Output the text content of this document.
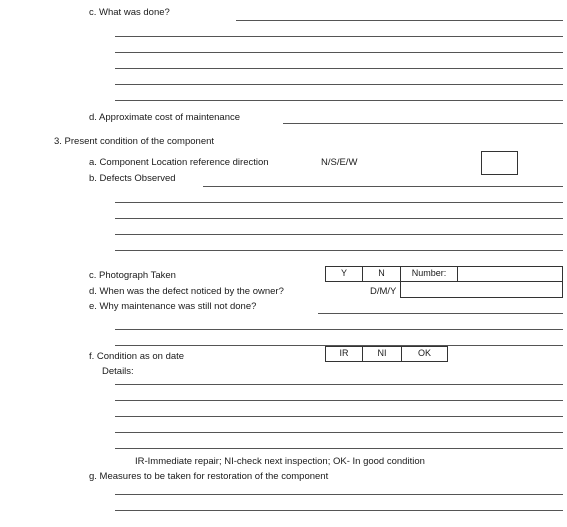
c. What was done?
d. Approximate cost of maintenance
3. Present condition of the component
a. Component Location reference direction	N/S/E/W
b. Defects Observed
c. Photograph Taken	Y	N	Number:
d. When was the defect noticed by the owner?	D/M/Y
e. Why maintenance was still not done?
f. Condition as on date	IR	NI	OK
Details:
IR-Immediate repair; NI-check next inspection; OK- In good condition
g. Measures to be taken for restoration of the component
